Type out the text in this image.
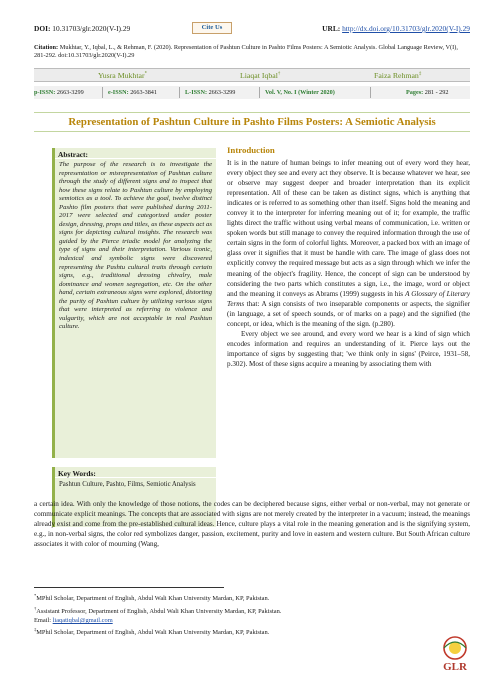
DOI: 10.31703/glr.2020(V-I).29	Cite Us	URL: http://dx.doi.org/10.31703/glr.2020(V-I).29
Citation: Mukhtar, Y., Iqbal, L., & Rehman, F. (2020). Representation of Pashtun Culture in Pashto Films Posters: A Semiotic Analysis. Global Language Review, V(I), 281-292. doi:10.31703/glr.2020(V-I).29
Yusra Mukhtar*	Liaqat Iqbal†	Faiza Rehman‡
p-ISSN: 2663-3299	e-ISSN: 2663-3841	L-ISSN: 2663-3299	Vol. V, No. I (Winter 2020)	Pages: 281 - 292
Representation of Pashtun Culture in Pashto Films Posters: A Semiotic Analysis
Abstract:
The purpose of the research is to investigate the representation or misrepresentation of Pashtun culture through the study of different signs and to inspect that how these signs relate to Pashtun culture by employing semiotics as a tool. To achieve the goal, twelve distinct Pashto film posters that were published during 2011-2017 were selected and categorized under poster design, dressing, props and titles, as these aspects act as signs for depicting cultural insights. The research was guided by the Pierce triadic model for analyzing the type of signs and their interpretation. Various iconic, indexical and symbolic signs were discovered representing the Pashtu cultural traits through certain signs, e.g., traditional dressing chivalry, male dominance and women segregation, etc. On the other hand, certain extraneous signs were explored, distorting the purity of Pashtun culture by utilizing various signs that were interpreted as referring to violence and vulgarity, which are not acceptable in real Pashtun culture.
Key Words:
Pashtun Culture, Pashto, Films, Semiotic Analysis
Introduction

It is in the nature of human beings to infer meaning out of every word they hear, every object they see and every act they observe. It is because whatever we hear, see or observe may suggest deeper and broader interpretation than its explicit representation. All of these can be taken as distinct signs, which is anything that indicates or is referred to as something other than itself. Signs hold the meaning and convey it to the interpreter for inferring meaning out of it; for example, the traffic lights direct the traffic without using verbal means of communication, i.e. written or spoken words but still manage to convey the required information through the use of certain signs in the form of colorful lights. Moreover, a packed box with an image of glass over it signifies that it must be handle with care. The image of glass does not explicitly convey the required message but acts as a sign through which we infer the meaning of the object's fragility. Hence, the concept of sign can be understood by considering the two parts which constitutes a sign, i.e., the image, word or object and the meaning it conveys as Abrams (1999) suggests in his A Glossary of Literary Terms that: A sign consists of two inseparable components or aspects, the signifier (in language, a set of speech sounds, or of marks on a page) and the signified (the concept, or idea, which is the meaning of the sign. (p.280).

Every object we see around, and every word we hear is a kind of sign which encodes information and requires an understanding of it. Pierce lays out the importance of signs by suggesting that; 'we think only in signs' (Peirce, 1931–58, p.302). Most of these signs acquire a meaning by associating them with

a certain idea. With only the knowledge of those notions, the codes can be deciphered because signs, either verbal or non-verbal, may not generate or communicate explicit meanings. The concepts that are associated with signs are not merely created by the interpreter in a vacuum; instead, the meanings already exist and come from the pre-established cultural ideas. Hence, culture plays a vital role in the meaning generation and is the signifying system, e.g., in non-verbal signs, the color red symbolizes danger, passion, excitement, purity and love in eastern and western culture. But South African culture associates it with color of mourning (Wang,
*MPhil Scholar, Department of English, Abdul Wali Khan University Mardan, KP, Pakistan.
†Assistant Professor, Department of English, Abdul Wali Khan University Mardan, KP, Pakistan.
Email: liaqatiqbal@gmail.com
‡MPhil Scholar, Department of English, Abdul Wali Khan University Mardan, KP, Pakistan.
GLR
